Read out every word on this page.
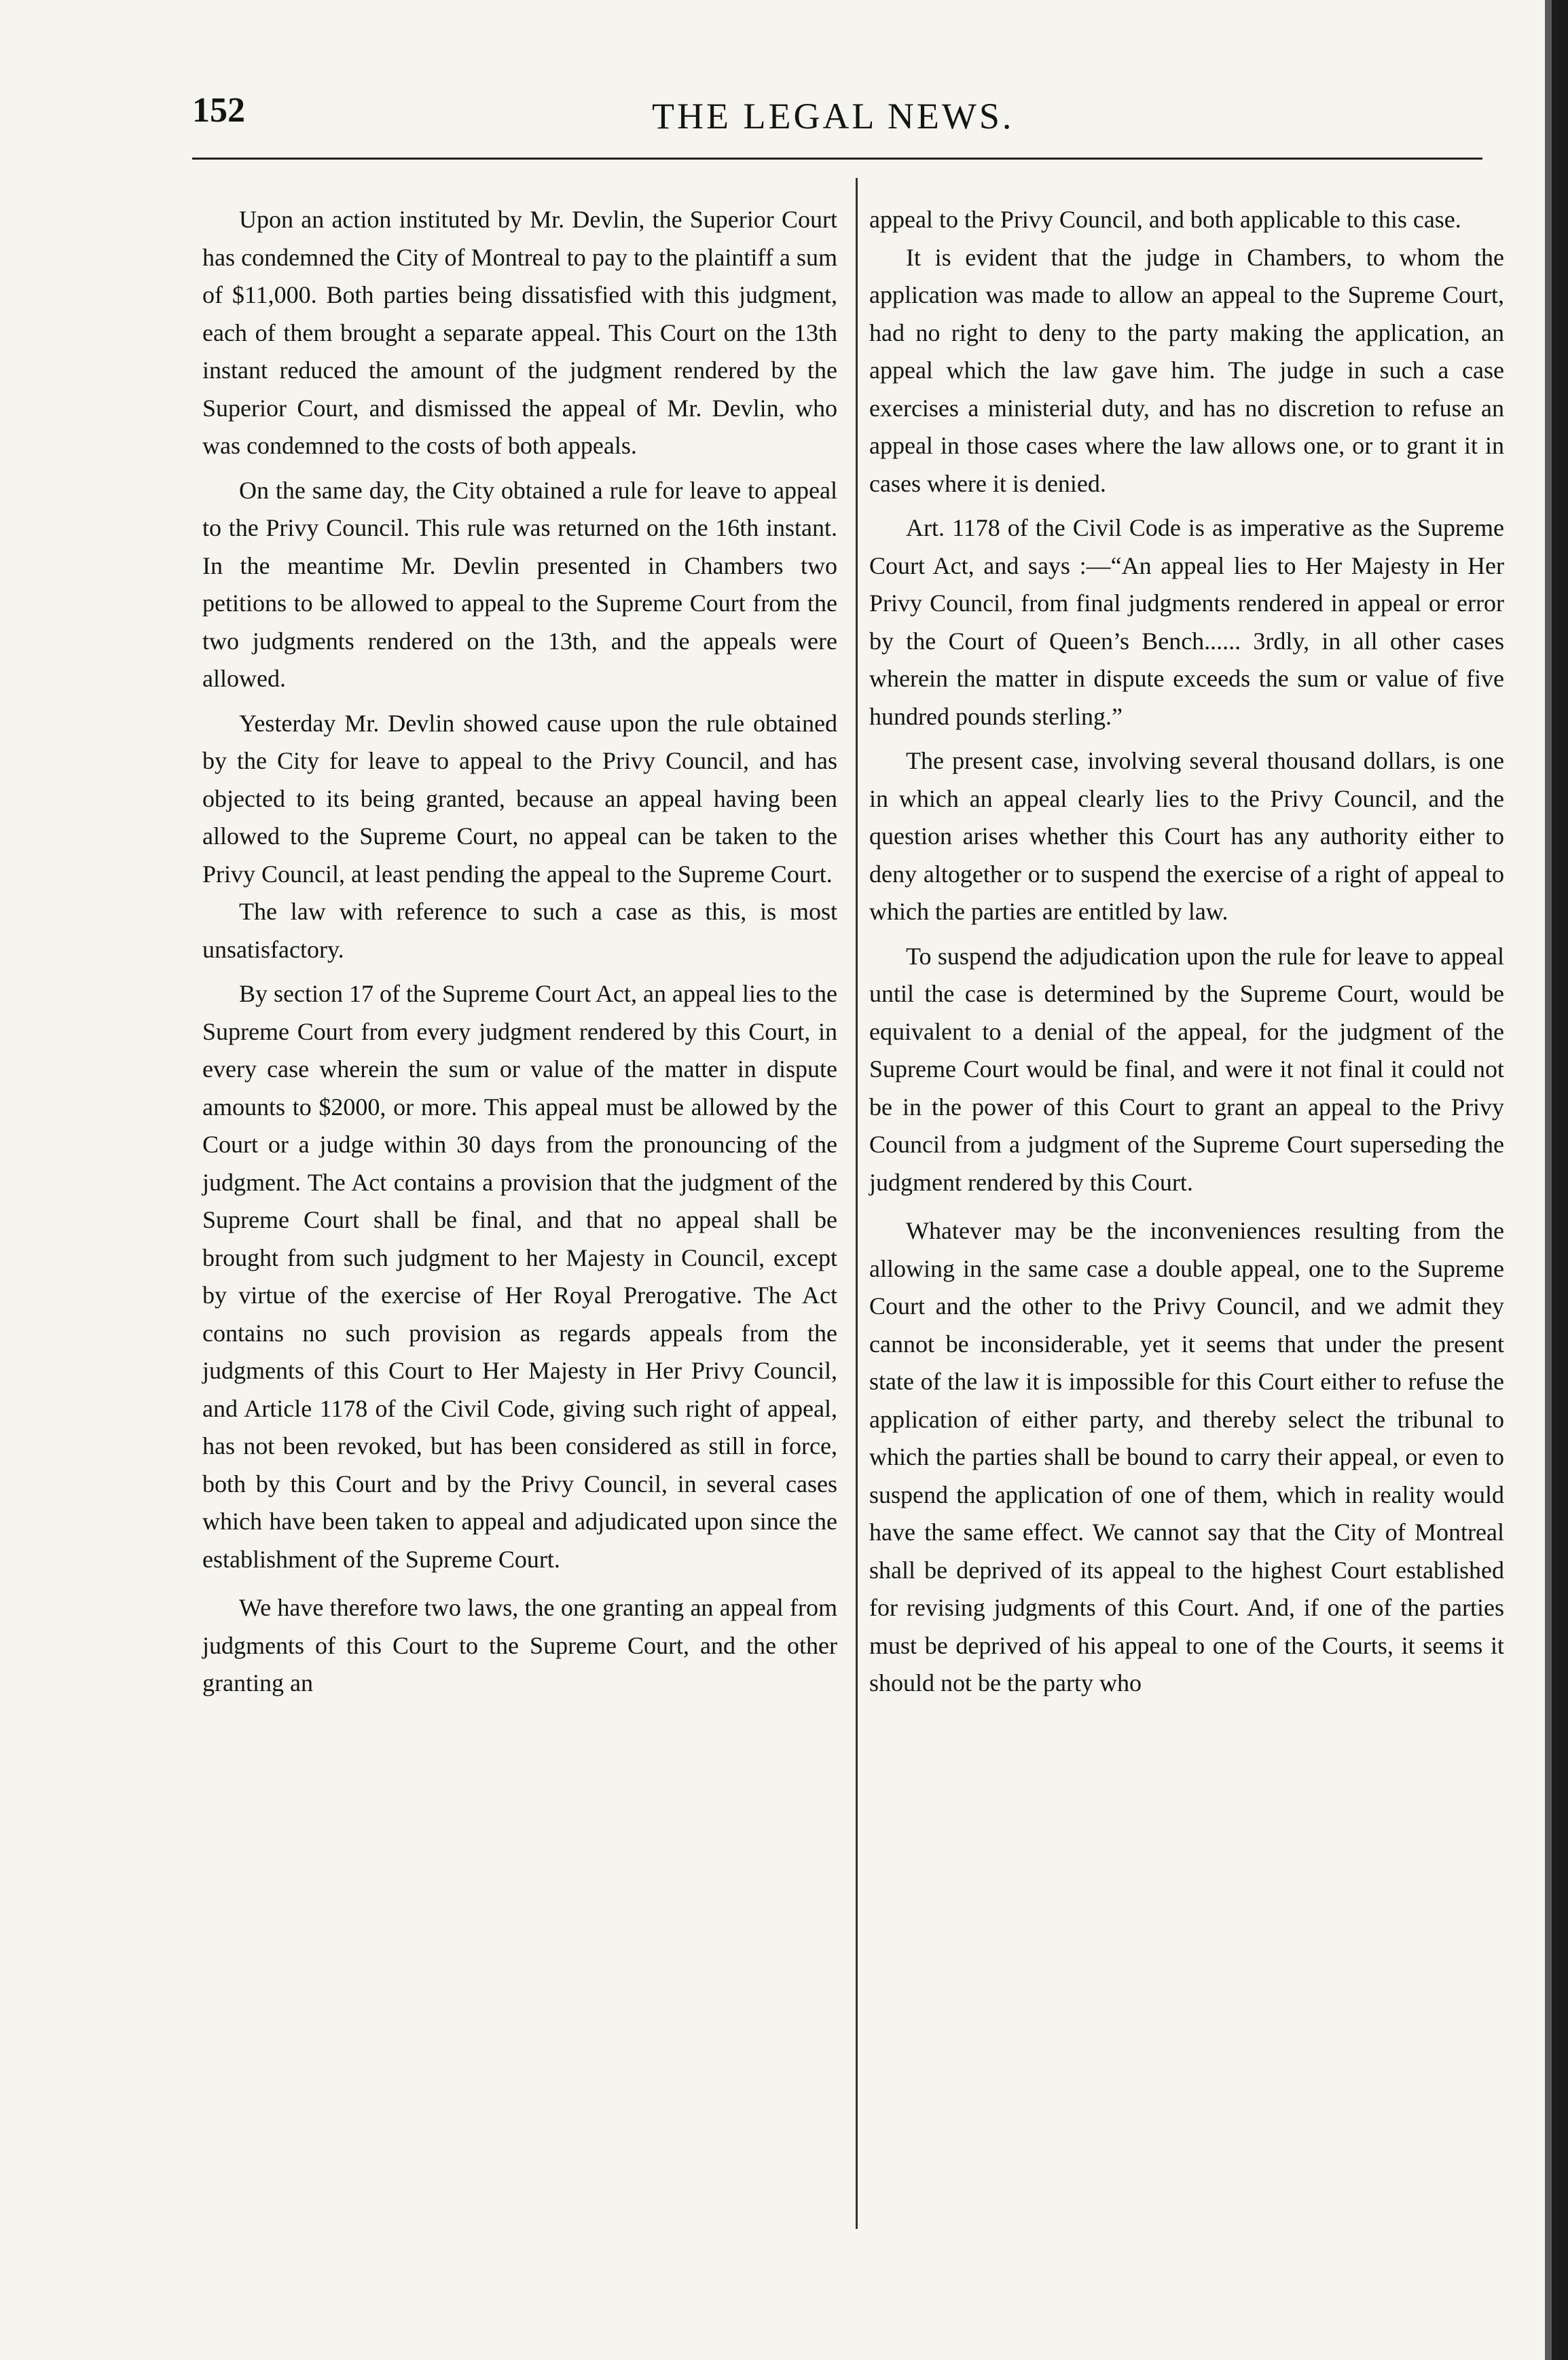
152	THE LEGAL NEWS.

Upon an action instituted by Mr. Devlin, the Superior Court has condemned the City of Montreal to pay to the plaintiff a sum of $11,000. Both parties being dissatisfied with this judgment, each of them brought a separate appeal. This Court on the 13th instant reduced the amount of the judgment rendered by the Superior Court, and dismissed the appeal of Mr. Devlin, who was condemned to the costs of both appeals.

On the same day, the City obtained a rule for leave to appeal to the Privy Council. This rule was returned on the 16th instant. In the meantime Mr. Devlin presented in Chambers two petitions to be allowed to appeal to the Supreme Court from the two judgments rendered on the 13th, and the appeals were allowed.

Yesterday Mr. Devlin showed cause upon the rule obtained by the City for leave to appeal to the Privy Council, and has objected to its being granted, because an appeal having been allowed to the Supreme Court, no appeal can be taken to the Privy Council, at least pending the appeal to the Supreme Court.

The law with reference to such a case as this, is most unsatisfactory.

By section 17 of the Supreme Court Act, an appeal lies to the Supreme Court from every judgment rendered by this Court, in every case wherein the sum or value of the matter in dispute amounts to $2000, or more. This appeal must be allowed by the Court or a judge within 30 days from the pronouncing of the judgment. The Act contains a provision that the judgment of the Supreme Court shall be final, and that no appeal shall be brought from such judgment to her Majesty in Council, except by virtue of the exercise of Her Royal Prerogative. The Act contains no such provision as regards appeals from the judgments of this Court to Her Majesty in Her Privy Council, and Article 1178 of the Civil Code, giving such right of appeal, has not been revoked, but has been considered as still in force, both by this Court and by the Privy Council, in several cases which have been taken to appeal and adjudicated upon since the establishment of the Supreme Court.

We have therefore two laws, the one granting an appeal from judgments of this Court to the Supreme Court, and the other granting an

appeal to the Privy Council, and both applicable to this case.

It is evident that the judge in Chambers, to whom the application was made to allow an appeal to the Supreme Court, had no right to deny to the party making the application, an appeal which the law gave him. The judge in such a case exercises a ministerial duty, and has no discretion to refuse an appeal in those cases where the law allows one, or to grant it in cases where it is denied.

Art. 1178 of the Civil Code is as imperative as the Supreme Court Act, and says :—“An appeal lies to Her Majesty in Her Privy Council, from final judgments rendered in appeal or error by the Court of Queen’s Bench...... 3rdly, in all other cases wherein the matter in dispute exceeds the sum or value of five hundred pounds sterling.”

The present case, involving several thousand dollars, is one in which an appeal clearly lies to the Privy Council, and the question arises whether this Court has any authority either to deny altogether or to suspend the exercise of a right of appeal to which the parties are entitled by law.

To suspend the adjudication upon the rule for leave to appeal until the case is determined by the Supreme Court, would be equivalent to a denial of the appeal, for the judgment of the Supreme Court would be final, and were it not final it could not be in the power of this Court to grant an appeal to the Privy Council from a judgment of the Supreme Court superseding the judgment rendered by this Court.

Whatever may be the inconveniences resulting from the allowing in the same case a double appeal, one to the Supreme Court and the other to the Privy Council, and we admit they cannot be inconsiderable, yet it seems that under the present state of the law it is impossible for this Court either to refuse the application of either party, and thereby select the tribunal to which the parties shall be bound to carry their appeal, or even to suspend the application of one of them, which in reality would have the same effect. We cannot say that the City of Montreal shall be deprived of its appeal to the highest Court established for revising judgments of this Court. And, if one of the parties must be deprived of his appeal to one of the Courts, it seems it should not be the party who
